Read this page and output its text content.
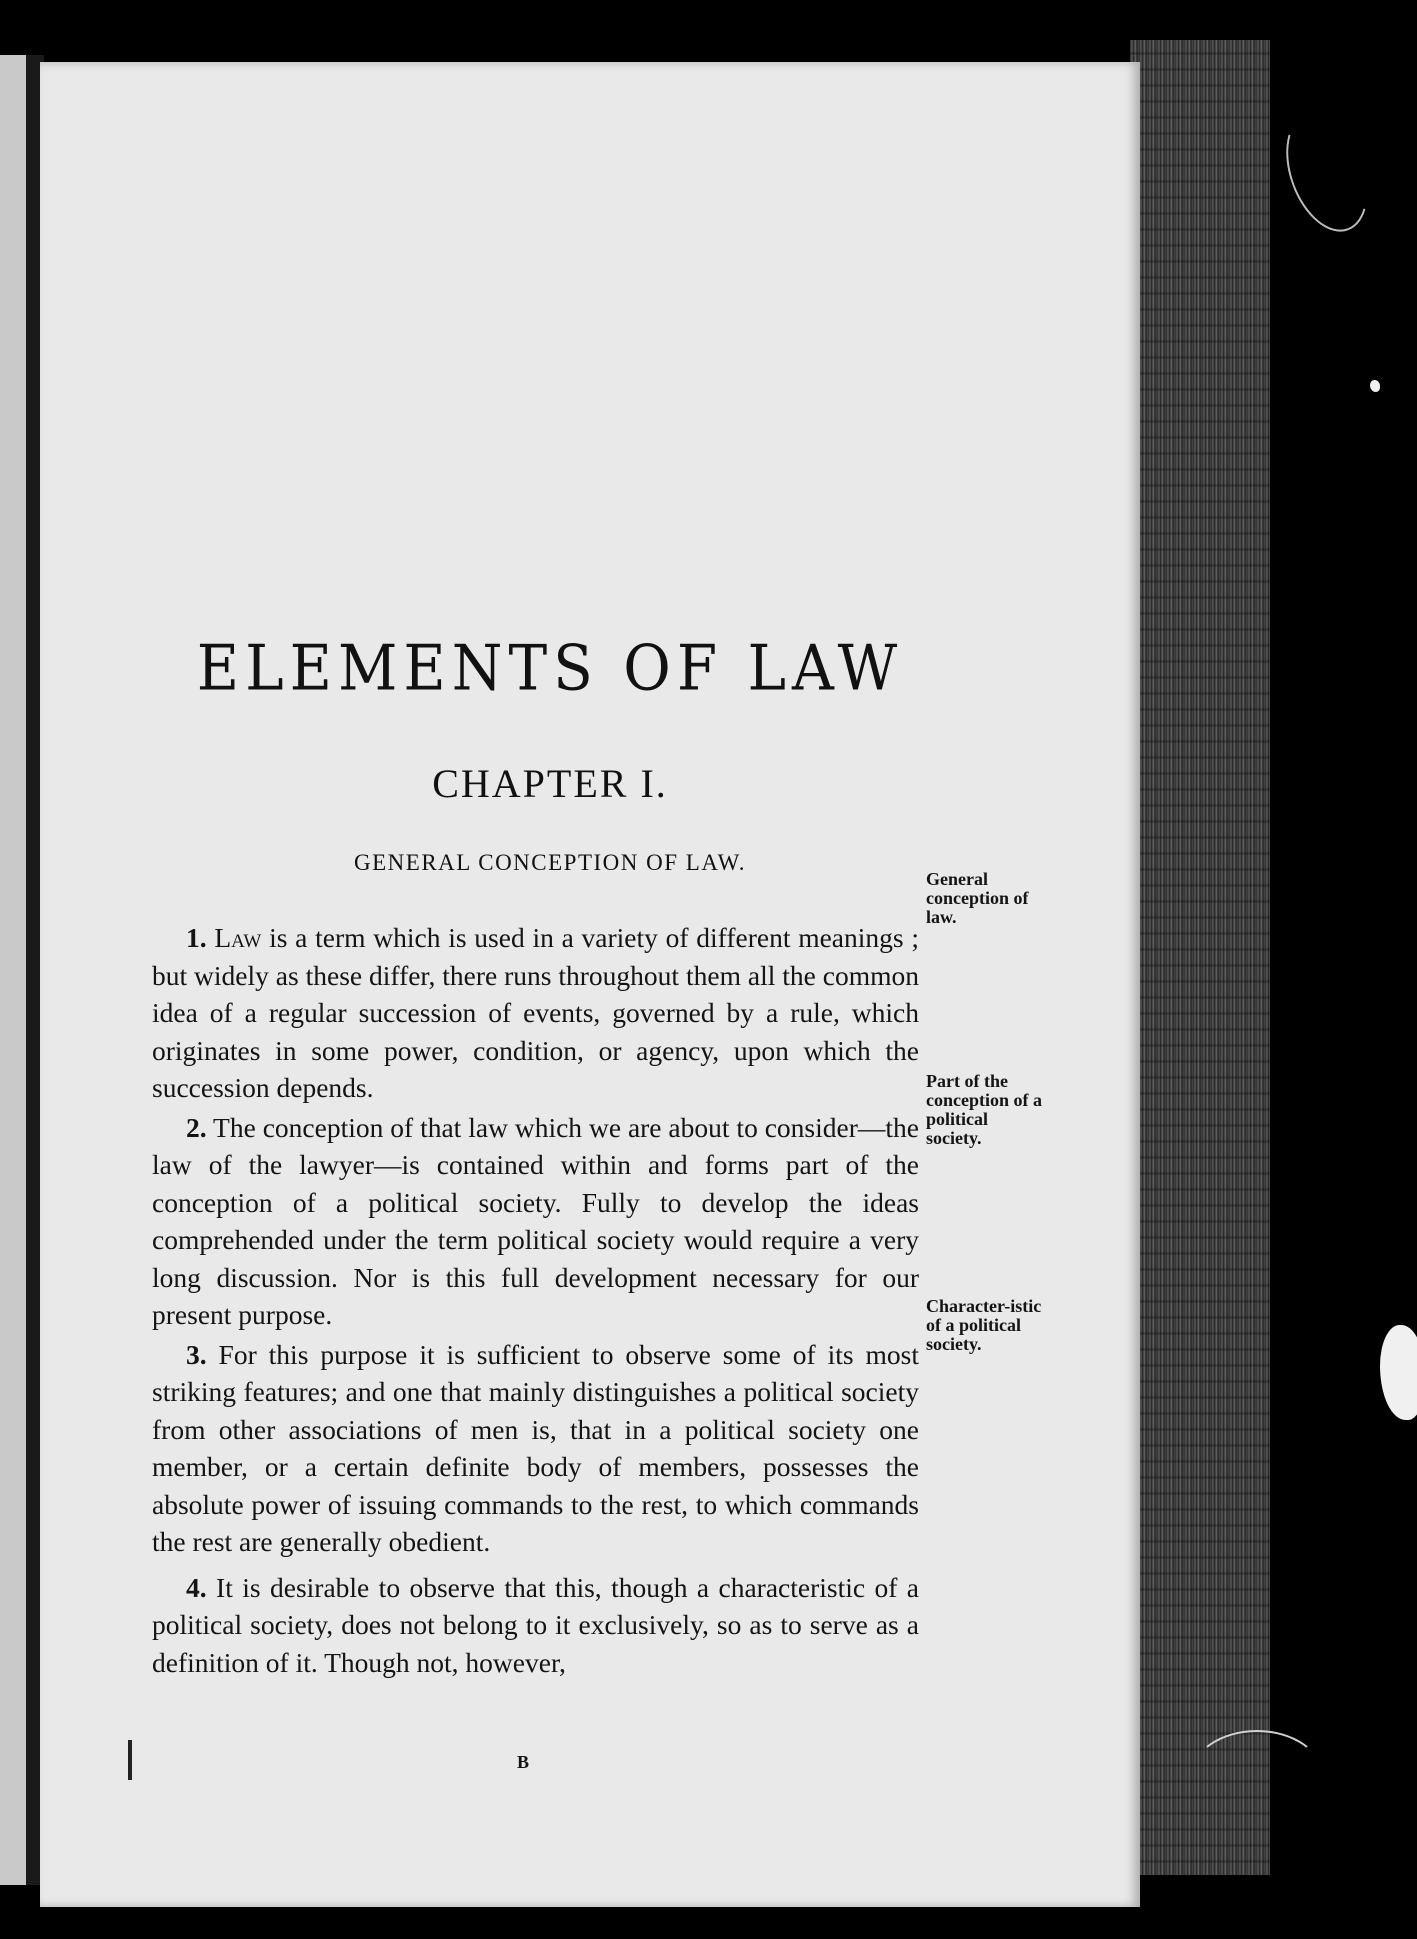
ELEMENTS OF LAW
CHAPTER I.
GENERAL CONCEPTION OF LAW.

1. Law is a term which is used in a variety of different meanings ; but widely as these differ, there runs throughout them all the common idea of a regular succession of events, governed by a rule, which originates in some power, condition, or agency, upon which the succession depends.

2. The conception of that law which we are about to consider—the law of the lawyer—is contained within and forms part of the conception of a political society. Fully to develop the ideas comprehended under the term political society would require a very long discussion. Nor is this full development necessary for our present purpose.

3. For this purpose it is sufficient to observe some of its most striking features; and one that mainly distinguishes a political society from other associations of men is, that in a political society one member, or a certain definite body of members, possesses the absolute power of issuing commands to the rest, to which commands the rest are generally obedient.

4. It is desirable to observe that this, though a characteristic of a political society, does not belong to it exclusively, so as to serve as a definition of it. Though not, however,

General conception of law.
Part of the conception of a political society.
Character-istic of a political society.
B
